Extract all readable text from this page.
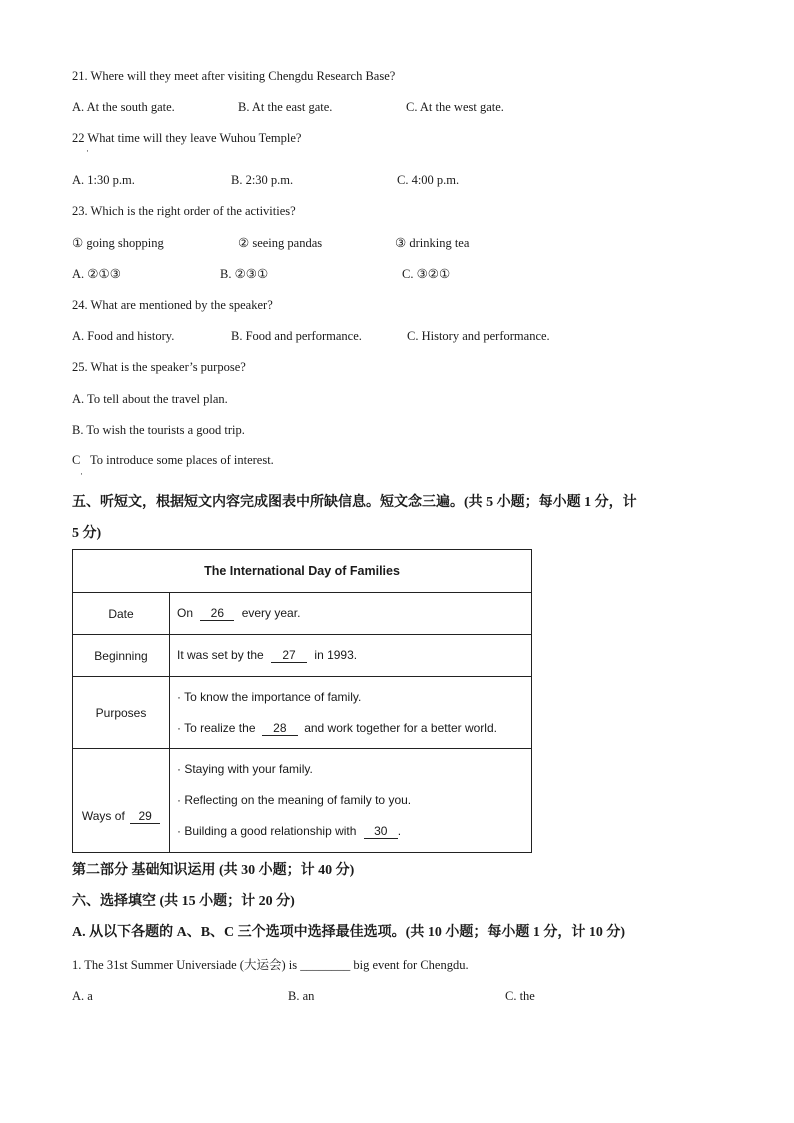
21. Where will they meet after visiting Chengdu Research Base?
A. At the south gate.	B. At the east gate.	C. At the west gate.
22 What time will they leave Wuhou Temple?
·
A. 1:30 p.m.	B. 2:30 p.m.	C. 4:00 p.m.
23. Which is the right order of the activities?
① going shopping	② seeing pandas	③ drinking tea
A. ②①③	B. ②③①	C. ③②①
24. What are mentioned by the speaker?
A. Food and history.	B. Food and performance.	C. History and performance.
25. What is the speaker’s purpose?
A. To tell about the travel plan.
B. To wish the tourists a good trip.
C To introduce some places of interest.
·
五、听短文，根据短文内容完成图表中所缺信息。短文念三遍。(共 5 小题；每小题 1 分，计
5 分)
The International Day of Families	
Date	On 26 every year.
Beginning	It was set by the 27 in 1993.
Purposes	· To know the importance of family.
· To realize the 28 and work together for a better world.

Ways of 29	· Staying with your family.
· Reflecting on the meaning of family to you.
· Building a good relationship with 30 .
第二部分 基础知识运用 (共 30 小题；计 40 分)
六、选择填空 (共 15 小题；计 20 分)
A. 从以下各题的 A、B、C 三个选项中选择最佳选项。(共 10 小题；每小题 1 分，计 10 分)
1. The 31st Summer Universiade (大运会) is ________ big event for Chengdu.
A. a	B. an	C. the
